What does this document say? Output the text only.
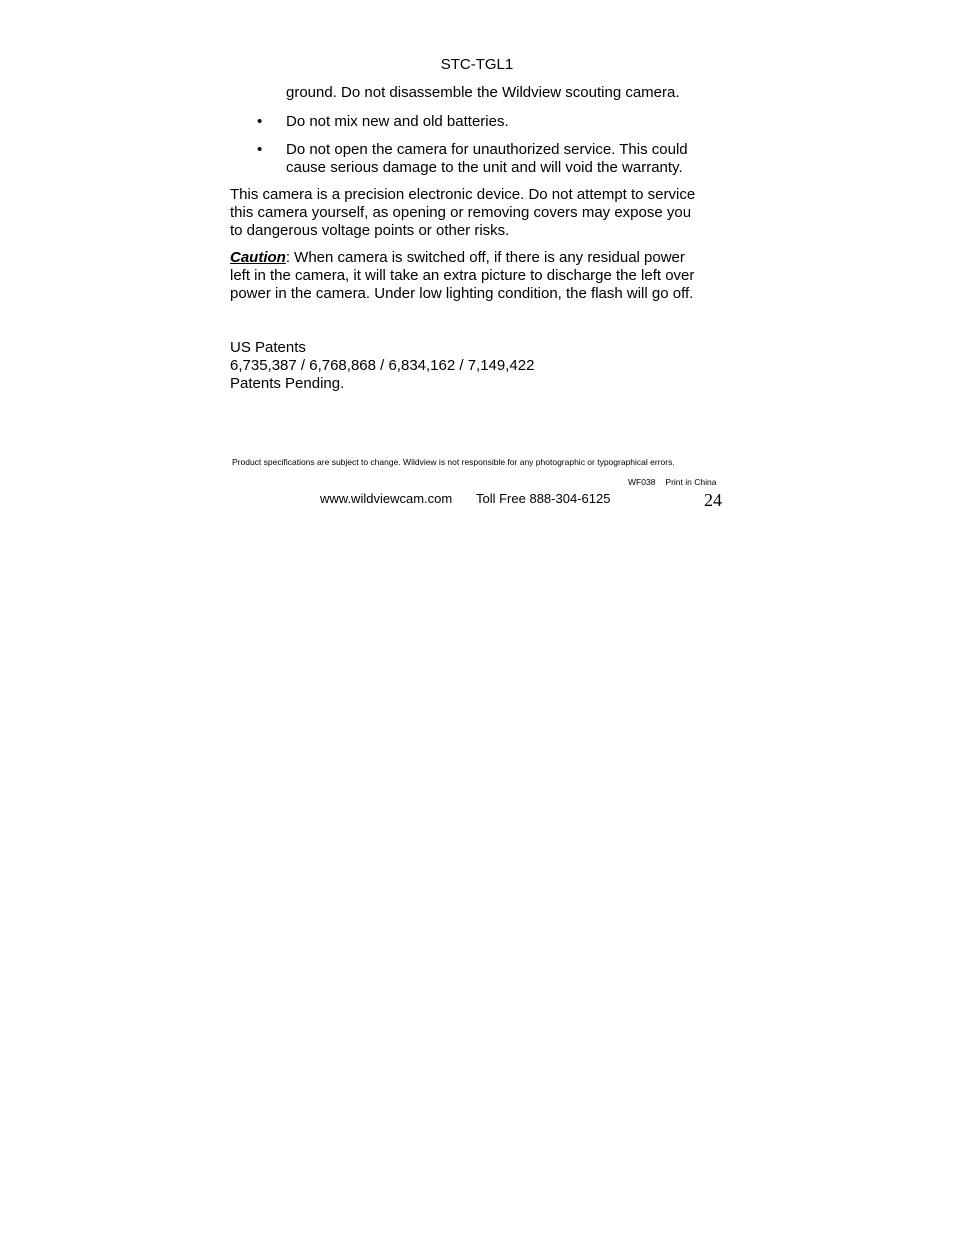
STC-TGL1
ground. Do not disassemble the Wildview scouting camera.
• Do not mix new and old batteries.
• Do not open the camera for unauthorized service. This could
cause serious damage to the unit and will void the warranty.
This camera is a precision electronic device. Do not attempt to service
this camera yourself, as opening or removing covers may expose you
to dangerous voltage points or other risks.
Caution: When camera is switched off, if there is any residual power
left in the camera, it will take an extra picture to discharge the left over
power in the camera. Under low lighting condition, the flash will go off.
US Patents
6,735,387 / 6,768,868 / 6,834,162 / 7,149,422
Patents Pending.
Product specifications are subject to change. Wildview is not responsible for any photographic or typographical errors.
WF038 Print in China
www.wildviewcam.com Toll Free 888-304-6125	24
